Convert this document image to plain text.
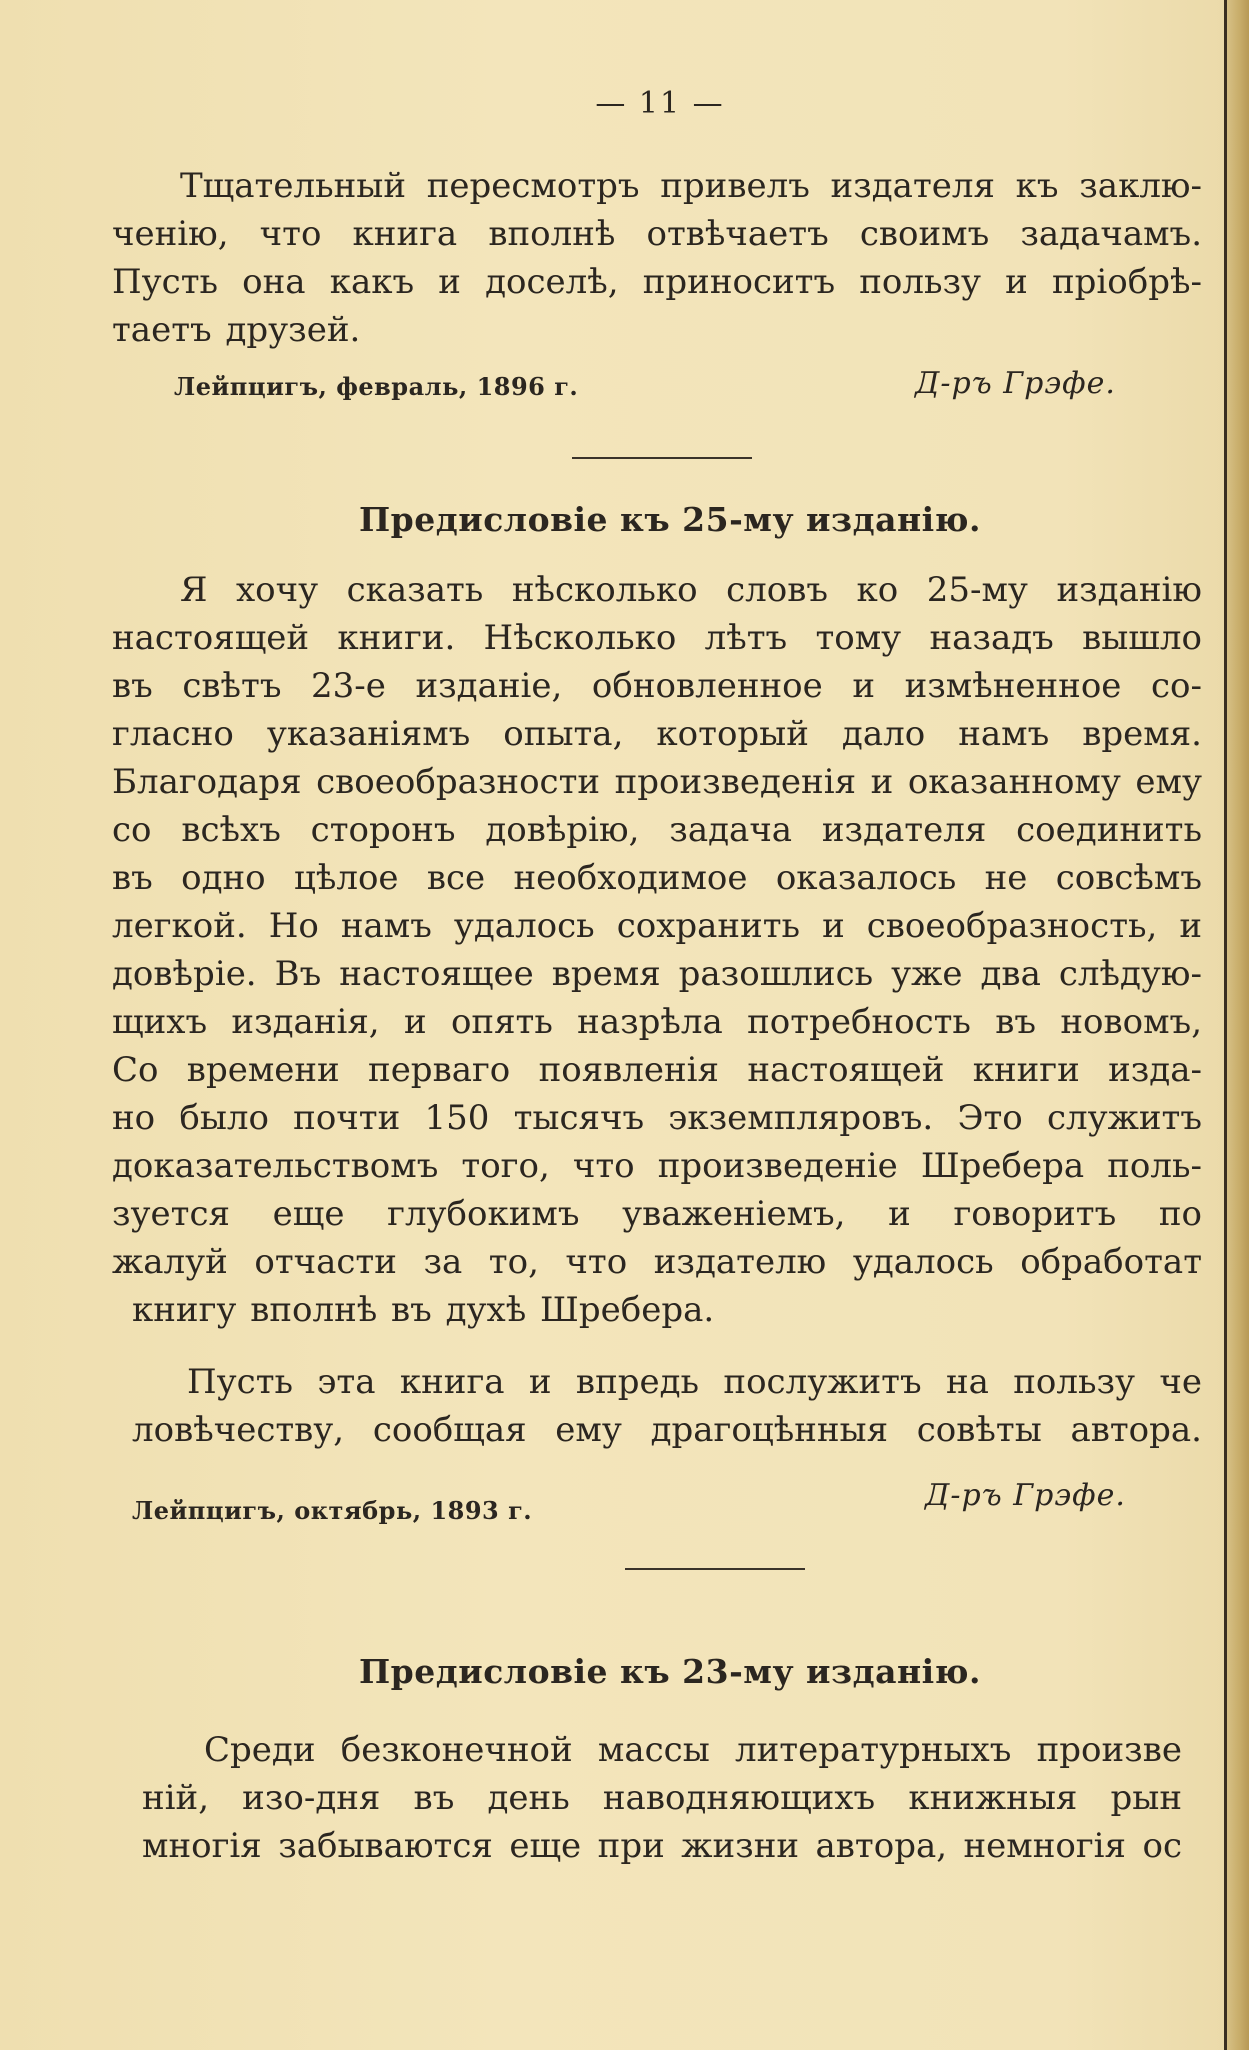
— 11 —
Тщательный пересмотръ привелъ издателя къ заклю-
ченію, что книга вполнѣ отвѣчаетъ своимъ задачамъ.
Пусть она какъ и доселѣ, приноситъ пользу и пріобрѣ-
таетъ друзей.
Лейпцигъ, февраль, 1896 г.	Д-ръ Грэфе.
Предисловіе къ 25-му изданію.
Я хочу сказать нѣсколько словъ ко 25-му изданію
настоящей книги. Нѣсколько лѣтъ тому назадъ вышло
въ свѣтъ 23-е изданіе, обновленное и измѣненное со-
гласно указаніямъ опыта, который дало намъ время.
Благодаря своеобразности произведенія и оказанному ему
со всѣхъ сторонъ довѣрію, задача издателя соединить
въ одно цѣлое все необходимое оказалось не совсѣмъ
легкой. Но намъ удалось сохранить и своеобразность, и
довѣріе. Въ настоящее время разошлись уже два слѣдую-
щихъ изданія, и опять назрѣла потребность въ новомъ,
Со времени перваго появленія настоящей книги изда-
но было почти 150 тысячъ экземпляровъ. Это служитъ
доказательствомъ того, что произведеніе Шребера поль-
зуется еще глубокимъ уваженіемъ, и говоритъ по
жалуй отчасти за то, что издателю удалось обработат
книгу вполнѣ въ духѣ Шребера.
Пусть эта книга и впредь послужитъ на пользу че
ловѣчеству, сообщая ему драгоцѣнныя совѣты автора.
Лейпцигъ, октябрь, 1893 г.	Д-ръ Грэфе.
Предисловіе къ 23-му изданію.
Среди безконечной массы литературныхъ произве
ній, изо-дня въ день наводняющихъ книжныя рын
многія забываются еще при жизни автора, немногія ос
